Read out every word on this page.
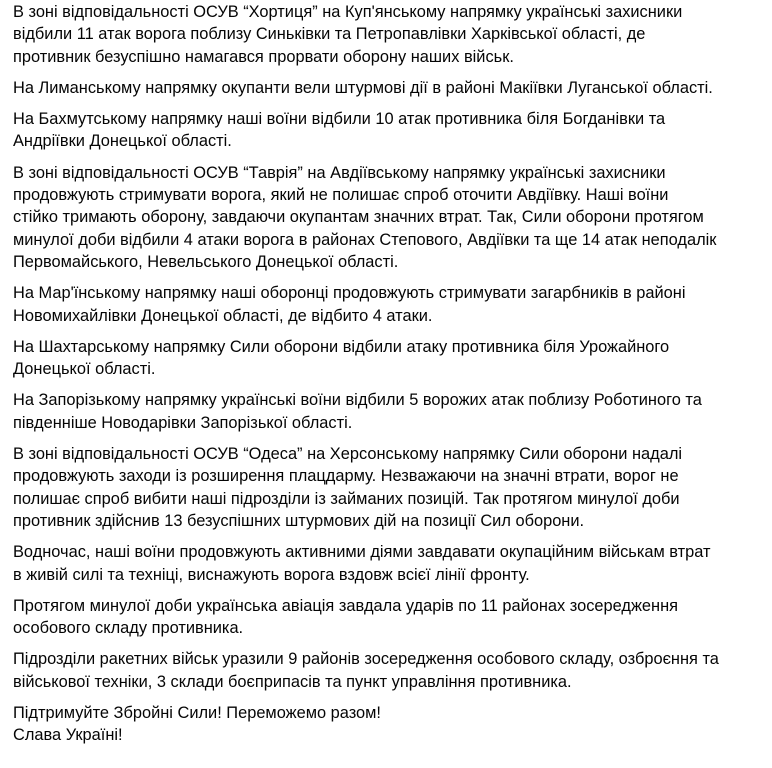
В зоні відповідальності ОСУВ “Хортиця” на Куп'янському напрямку українські захисники
відбили 11 атак ворога поблизу Синьківки та Петропавлівки Харківської області, де
противник безуспішно намагався прорвати оборону наших військ.

На Лиманському напрямку окупанти вели штурмові дії в районі Макіївки Луганської області.

На Бахмутському напрямку наші воїни відбили 10 атак противника біля Богданівки та
Андріївки Донецької області.

В зоні відповідальності ОСУВ “Таврія” на Авдіївському напрямку українські захисники
продовжують стримувати ворога, який не полишає спроб оточити Авдіївку. Наші воїни
стійко тримають оборону, завдаючи окупантам значних втрат. Так, Сили оборони протягом
минулої доби відбили 4 атаки ворога в районах Степового, Авдіївки та ще 14 атак неподалік
Первомайського, Невельського Донецької області.

На Мар'їнському напрямку наші оборонці продовжують стримувати загарбників в районі
Новомихайлівки Донецької області, де відбито 4 атаки.

На Шахтарському напрямку Сили оборони відбили атаку противника біля Урожайного
Донецької області.

На Запорізькому напрямку українські воїни відбили 5 ворожих атак поблизу Роботиного та
південніше Новодарівки Запорізької області.

В зоні відповідальності ОСУВ “Одеса” на Херсонському напрямку Сили оборони надалі
продовжують заходи із розширення плацдарму. Незважаючи на значні втрати, ворог не
полишає спроб вибити наші підрозділи із займаних позицій. Так протягом минулої доби
противник здійснив 13 безуспішних штурмових дій на позиції Сил оборони.

Водночас, наші воїни продовжують активними діями завдавати окупаційним військам втрат
в живій силі та техніці, виснажують ворога вздовж всієї лінії фронту.

Протягом минулої доби українська авіація завдала ударів по 11 районах зосередження
особового складу противника.

Підрозділи ракетних військ уразили 9 районів зосередження особового складу, озброєння та
військової техніки, 3 склади боєприпасів та пункт управління противника.

Підтримуйте Збройні Сили! Переможемо разом!
Слава Україні!
